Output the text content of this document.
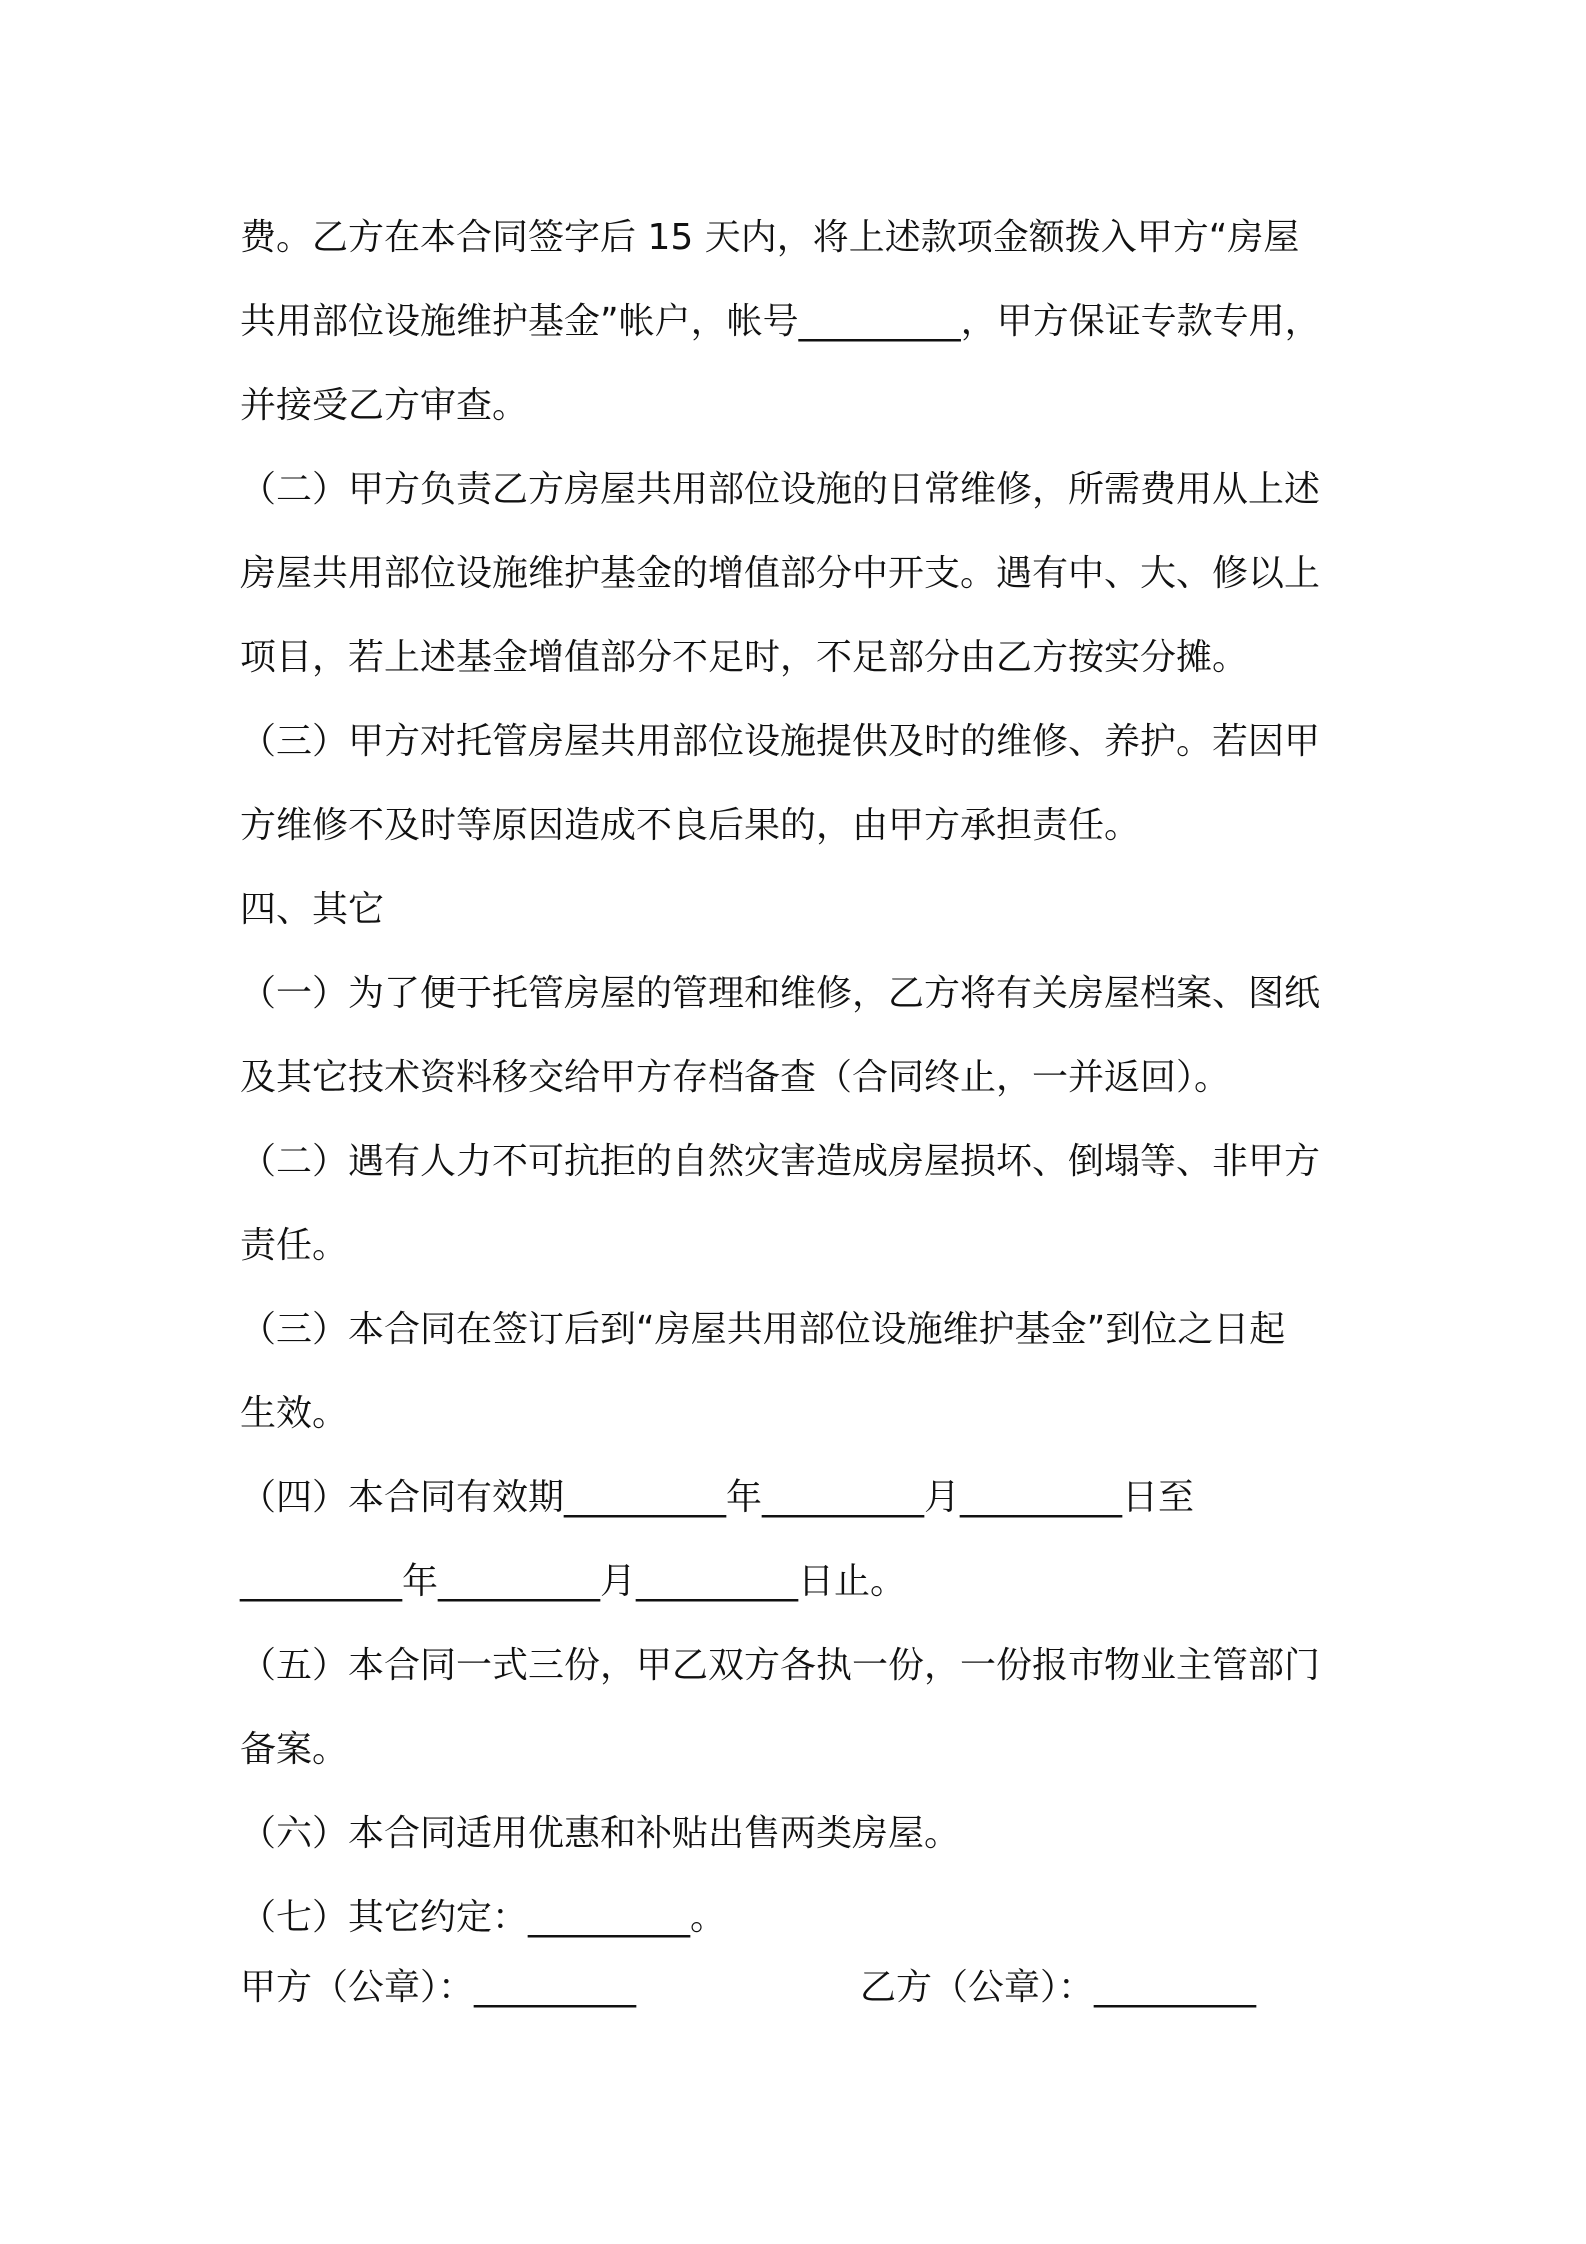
费。乙方在本合同签字后 15 天内，将上述款项金额拨入甲方“房屋
共用部位设施维护基金”帐户，帐号_________，甲方保证专款专用，
并接受乙方审查。
（二）甲方负责乙方房屋共用部位设施的日常维修，所需费用从上述
房屋共用部位设施维护基金的增值部分中开支。遇有中、大、修以上
项目，若上述基金增值部分不足时，不足部分由乙方按实分摊。
（三）甲方对托管房屋共用部位设施提供及时的维修、养护。若因甲
方维修不及时等原因造成不良后果的，由甲方承担责任。
四、其它
（一）为了便于托管房屋的管理和维修，乙方将有关房屋档案、图纸
及其它技术资料移交给甲方存档备查（合同终止，一并返回）。
（二）遇有人力不可抗拒的自然灾害造成房屋损坏、倒塌等、非甲方
责任。
（三）本合同在签订后到“房屋共用部位设施维护基金”到位之日起
生效。
（四）本合同有效期_________年_________月_________日至
_________年_________月_________日止。
（五）本合同一式三份，甲乙双方各执一份，一份报市物业主管部门
备案。
（六）本合同适用优惠和补贴出售两类房屋。
（七）其它约定：_________。
甲方（公章）：_________	乙方（公章）：_________
